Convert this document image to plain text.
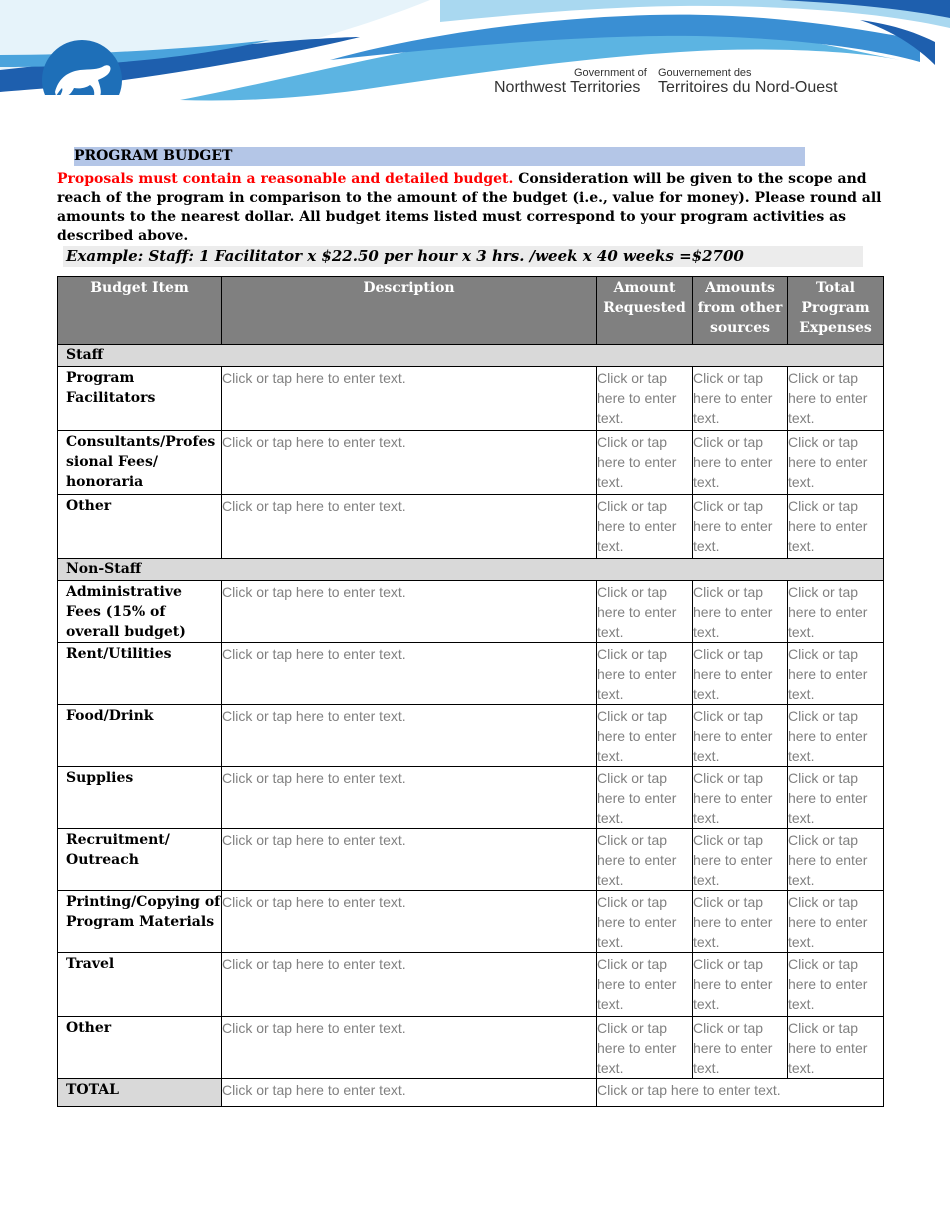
Government of
Northwest Territories
Gouvernement des
Territoires du Nord-Ouest
PROGRAM BUDGET
Proposals must contain a reasonable and detailed budget. Consideration will be given to the scope and reach of the program in comparison to the amount of the budget (i.e., value for money). Please round all amounts to the nearest dollar. All budget items listed must correspond to your program activities as described above.
Example: Staff: 1 Facilitator x $22.50 per hour x 3 hrs. /week x 40 weeks =$2700
Budget Item	Description	Amount Requested	Amounts from other sources	Total Program Expenses
Staff				
Program Facilitators	Click or tap here to enter text.	Click or tap here to enter text.	Click or tap here to enter text.	Click or tap here to enter text.
Consultants/Professional Fees/ honoraria	Click or tap here to enter text.	Click or tap here to enter text.	Click or tap here to enter text.	Click or tap here to enter text.
Other	Click or tap here to enter text.	Click or tap here to enter text.	Click or tap here to enter text.	Click or tap here to enter text.
Non-Staff				
Administrative Fees (15% of overall budget)	Click or tap here to enter text.	Click or tap here to enter text.	Click or tap here to enter text.	Click or tap here to enter text.
Rent/Utilities	Click or tap here to enter text.	Click or tap here to enter text.	Click or tap here to enter text.	Click or tap here to enter text.
Food/Drink	Click or tap here to enter text.	Click or tap here to enter text.	Click or tap here to enter text.	Click or tap here to enter text.
Supplies	Click or tap here to enter text.	Click or tap here to enter text.	Click or tap here to enter text.	Click or tap here to enter text.
Recruitment/ Outreach	Click or tap here to enter text.	Click or tap here to enter text.	Click or tap here to enter text.	Click or tap here to enter text.
Printing/Copying of Program Materials	Click or tap here to enter text.	Click or tap here to enter text.	Click or tap here to enter text.	Click or tap here to enter text.
Travel	Click or tap here to enter text.	Click or tap here to enter text.	Click or tap here to enter text.	Click or tap here to enter text.
Other	Click or tap here to enter text.	Click or tap here to enter text.	Click or tap here to enter text.	Click or tap here to enter text.
TOTAL	Click or tap here to enter text.	Click or tap here to enter text.		
